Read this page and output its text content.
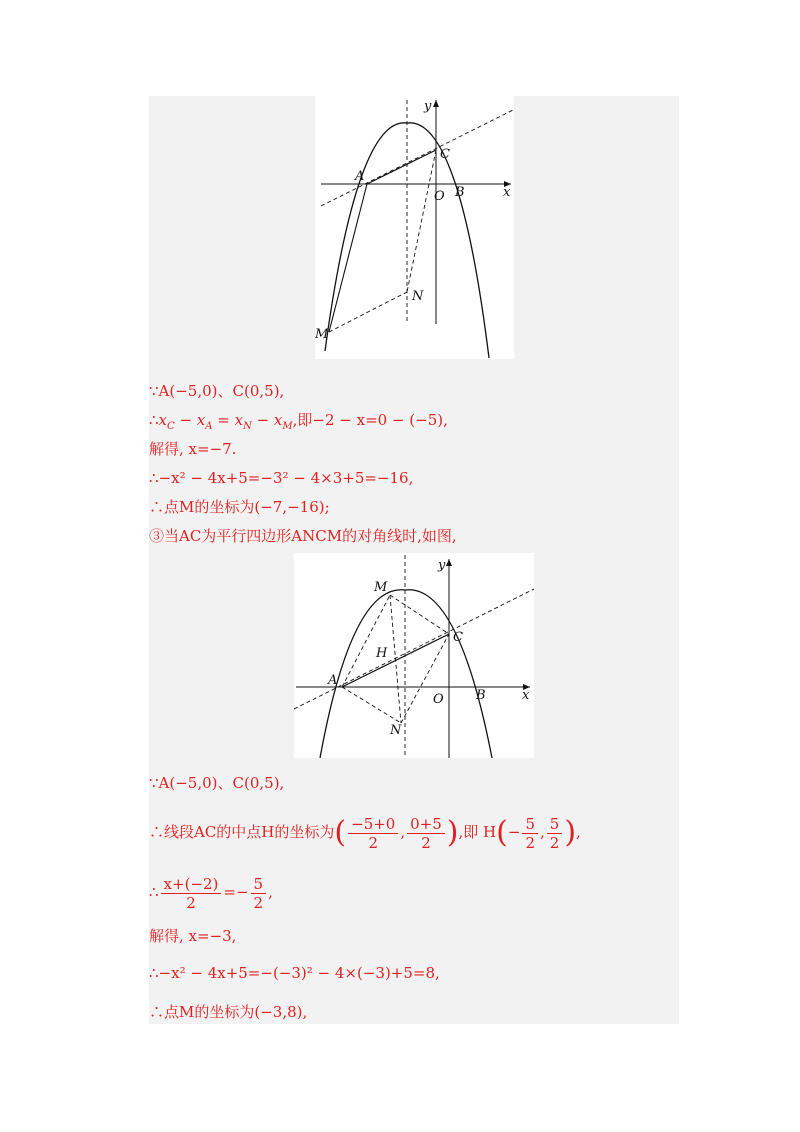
y
x
A
C
O B
N
M
∵A(−5,0)、C(0,5),
$\therefore x_C - x_A = x_N - x_M$,即−2 − x=0 − (−5),
解得, x=−7.
∴−x² − 4x+5=−3² − 4×3+5=−16,
∴点M的坐标为(−7,−16);
③当AC为平行四边形ANCM的对角线时,如图,
y
x
M
C
H
A
O B
N
∵A(−5,0)、C(0,5),
∴线段AC的中点H的坐标为( $\frac{-5+0}{2}$ , $\frac{0+5}{2}$ ),即 $H(- \frac{5}{2}$ , $\frac{5}{2}$ ),
∴ $\frac{x+(-2)}{2} =- \frac{5}{2}$ ,
解得, x=−3,
∴−x² − 4x+5=−(−3)² − 4×(−3)+5=8,
∴点M的坐标为(−3,8),
